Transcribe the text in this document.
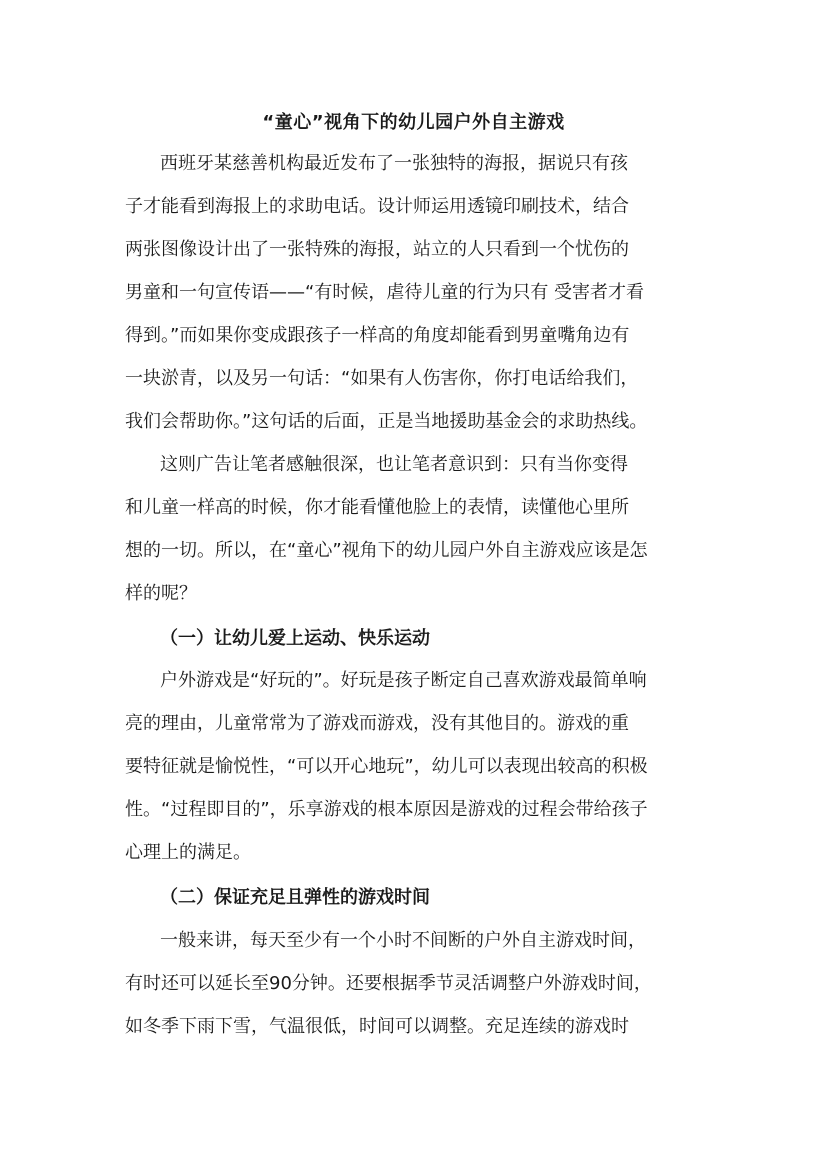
“童心”视角下的幼儿园户外自主游戏

西班牙某慈善机构最近发布了一张独特的海报，据说只有孩

子才能看到海报上的求助电话。设计师运用透镜印刷技术，结合

两张图像设计出了一张特殊的海报，站立的人只看到一个忧伤的

男童和一句宣传语——“有时候，虐待儿童的行为只有 受害者才看

得到。”而如果你变成跟孩子一样高的角度却能看到男童嘴角边有

一块淤青，以及另一句话：“如果有人伤害你，你打电话给我们，

我们会帮助你。”这句话的后面，正是当地援助基金会的求助热线。

这则广告让笔者感触很深，也让笔者意识到：只有当你变得

和儿童一样高的时候，你才能看懂他脸上的表情，读懂他心里所

想的一切。所以，在“童心”视角下的幼儿园户外自主游戏应该是怎

样的呢？

（一）让幼儿爱上运动、快乐运动

户外游戏是“好玩的”。好玩是孩子断定自己喜欢游戏最简单响

亮的理由，儿童常常为了游戏而游戏，没有其他目的。游戏的重

要特征就是愉悦性，“可以开心地玩”，幼儿可以表现出较高的积极

性。“过程即目的”，乐享游戏的根本原因是游戏的过程会带给孩子

心理上的满足。

（二）保证充足且弹性的游戏时间

一般来讲，每天至少有一个小时不间断的户外自主游戏时间，

有时还可以延长至90分钟。还要根据季节灵活调整户外游戏时间，

如冬季下雨下雪，气温很低，时间可以调整。充足连续的游戏时
